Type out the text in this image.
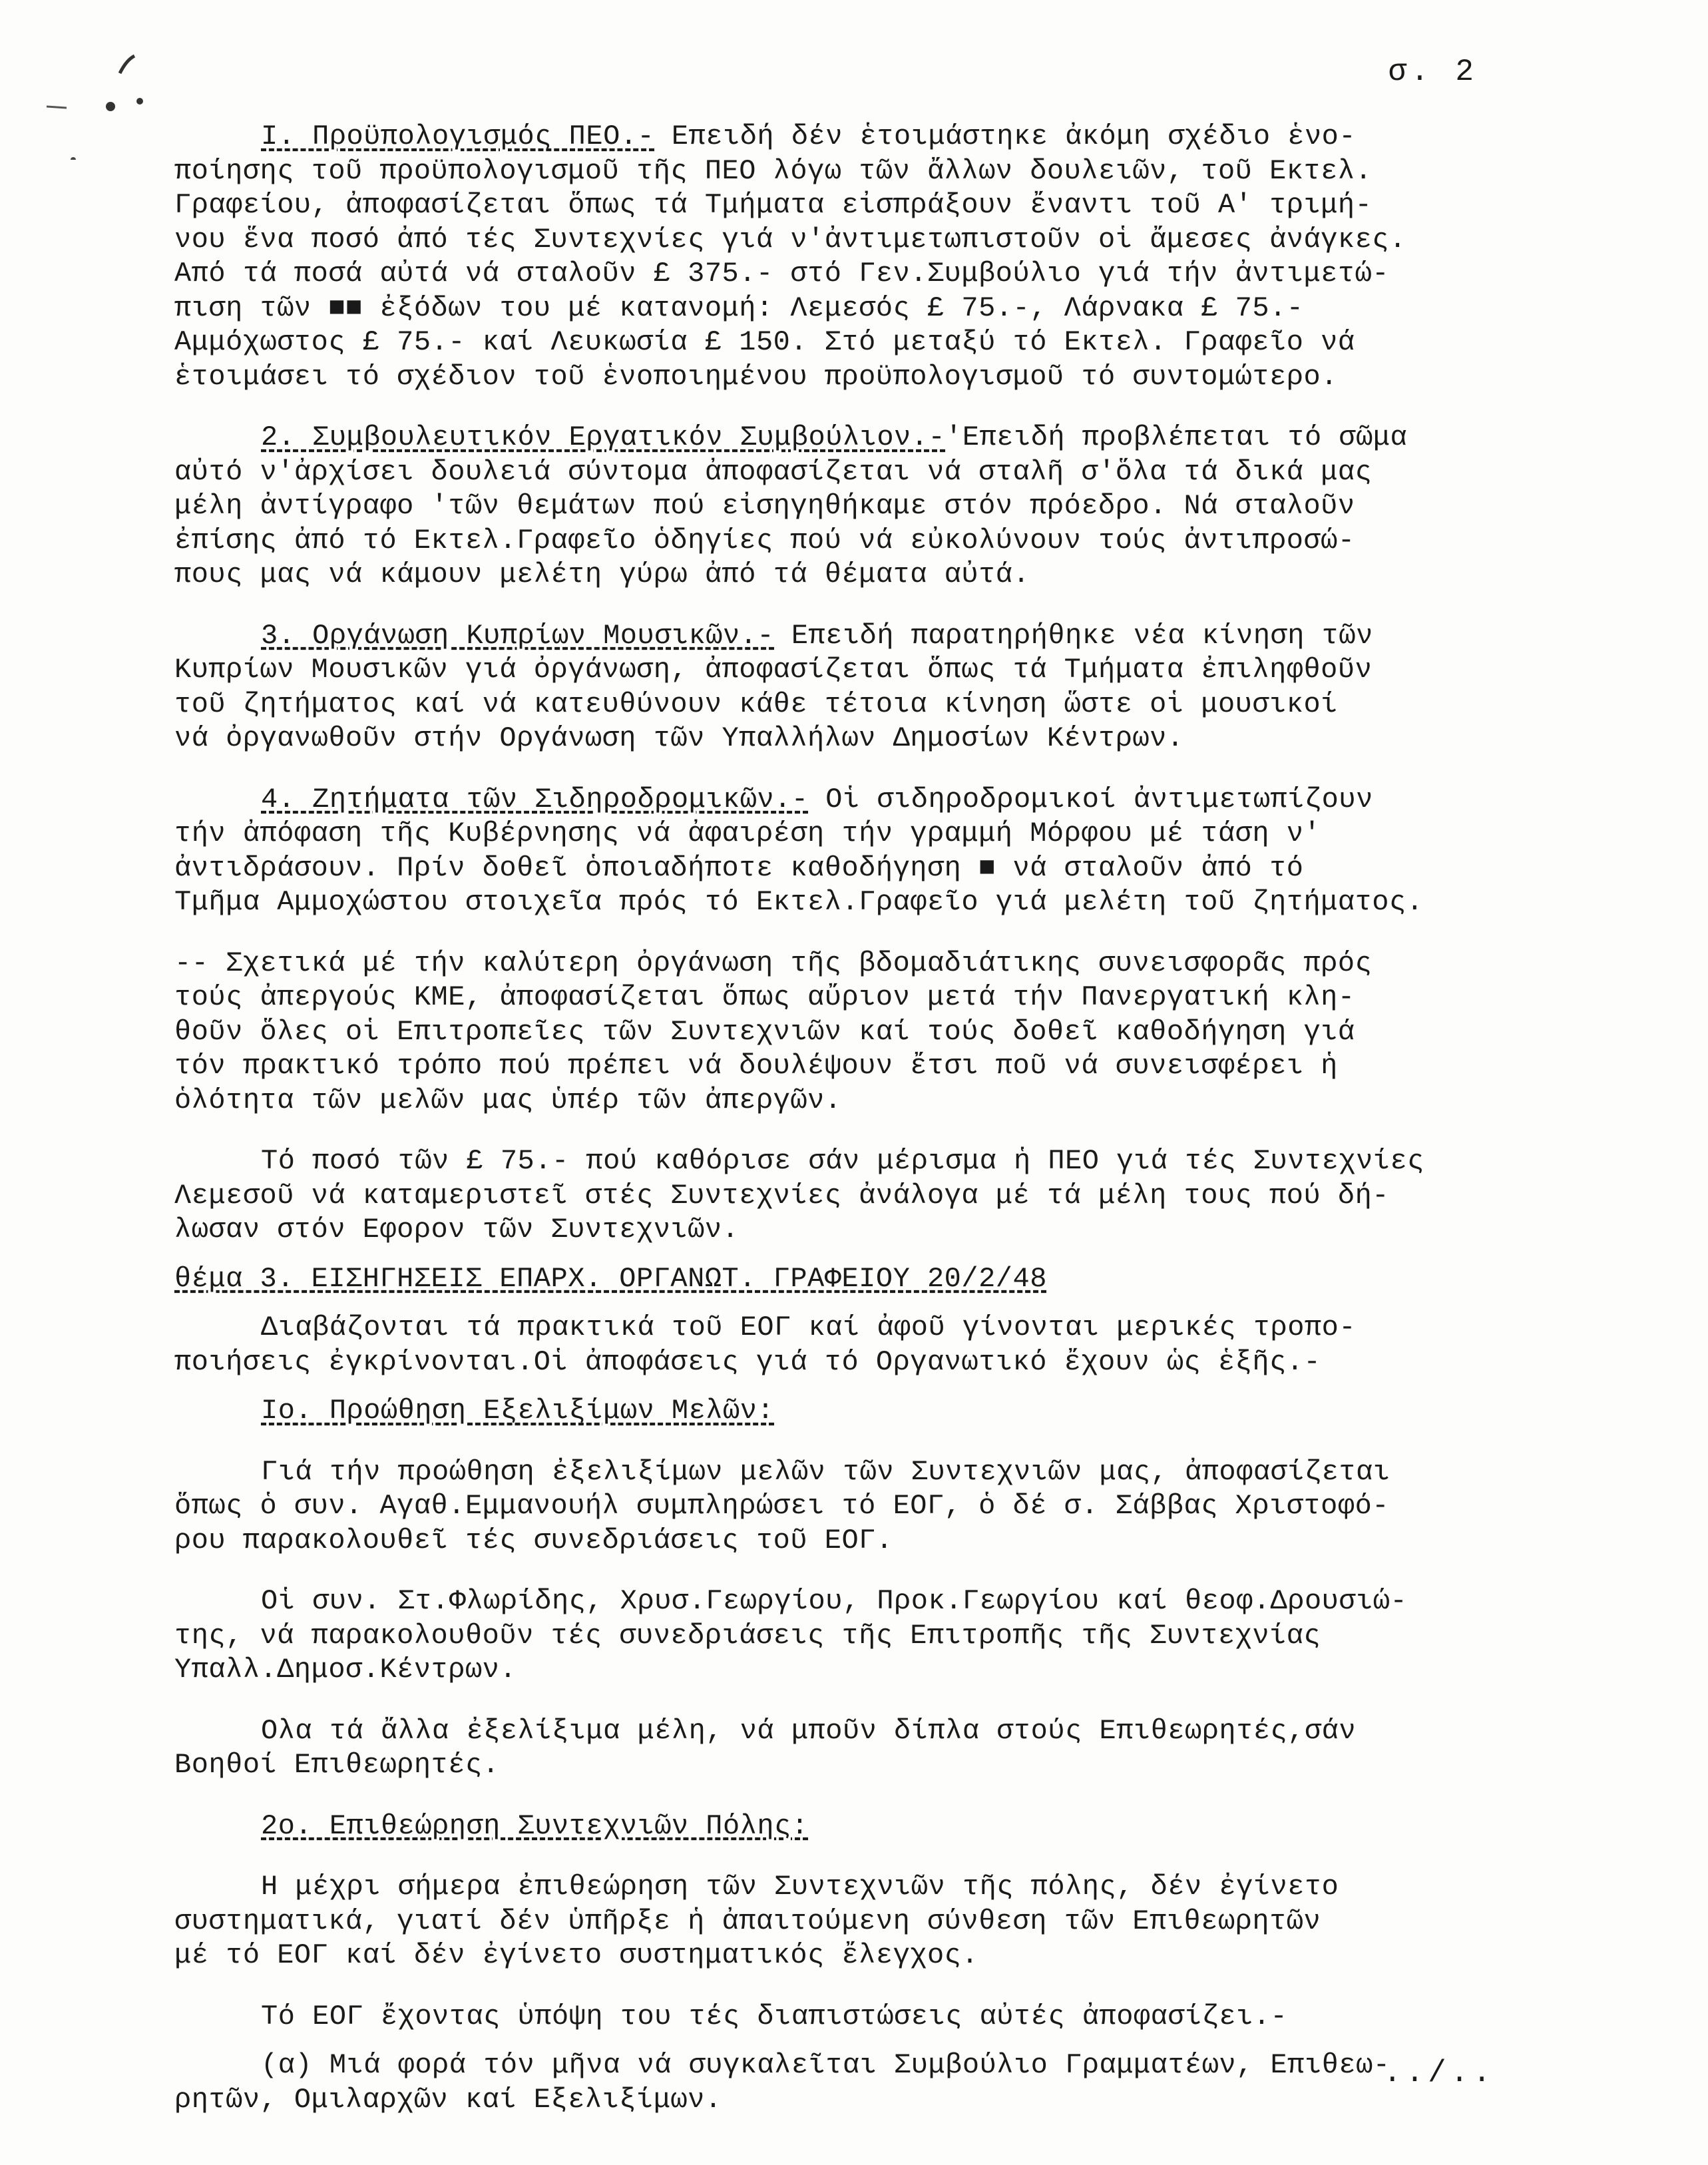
σ. 2
I. Προϋπολογισμός ΠΕΟ.- Επειδή δέν ἑτοιμάστηκε ἀκόμη σχέδιο ἑνο-
ποίησης τοῦ προϋπολογισμοῦ τῆς ΠΕΟ λόγω τῶν ἄλλων δουλειῶν, τοῦ Εκτελ.
Γραφείου, ἀποφασίζεται ὅπως τά Τμήματα εἰσπράξουν ἔναντι τοῦ Α' τριμή-
νου ἕνα ποσό ἀπό τές Συντεχνίες γιά ν'ἀντιμετωπιστοῦν οἱ ἄμεσες ἀνάγκες.
Από τά ποσά αὐτά νά σταλοῦν £ 375.- στό Γεν.Συμβούλιο γιά τήν ἀντιμετώ-
πιση τῶν ■■ ἐξόδων του μέ κατανομή: Λεμεσός £ 75.-, Λάρνακα £ 75.-
Αμμόχωστος £ 75.- καί Λευκωσία £ 150. Στό μεταξύ τό Εκτελ. Γραφεῖο νά
ἑτοιμάσει τό σχέδιον τοῦ ἑνοποιημένου προϋπολογισμοῦ τό συντομώτερο.
2. Συμβουλευτικόν Εργατικόν Συμβούλιον.-'Επειδή προβλέπεται τό σῶμα
αὐτό ν'ἀρχίσει δουλειά σύντομα ἀποφασίζεται νά σταλῆ σ'ὅλα τά δικά μας
μέλη ἀντίγραφο 'τῶν θεμάτων πού εἰσηγηθήκαμε στόν πρόεδρο. Νά σταλοῦν
ἐπίσης ἀπό τό Εκτελ.Γραφεῖο ὁδηγίες πού νά εὐκολύνουν τούς ἀντιπροσώ-
πους μας νά κάμουν μελέτη γύρω ἀπό τά θέματα αὐτά.
3. Οργάνωση Κυπρίων Μουσικῶν.- Επειδή παρατηρήθηκε νέα κίνηση τῶν
Κυπρίων Μουσικῶν γιά ὀργάνωση, ἀποφασίζεται ὅπως τά Τμήματα ἐπιληφθοῦν
τοῦ ζητήματος καί νά κατευθύνουν κάθε τέτοια κίνηση ὥστε οἱ μουσικοί
νά ὀργανωθοῦν στήν Οργάνωση τῶν Υπαλλήλων Δημοσίων Κέντρων.
4. Ζητήματα τῶν Σιδηροδρομικῶν.- Οἱ σιδηροδρομικοί ἀντιμετωπίζουν
τήν ἀπόφαση τῆς Κυβέρνησης νά ἀφαιρέση τήν γραμμή Μόρφου μέ τάση ν'
ἀντιδράσουν. Πρίν δοθεῖ ὁποιαδήποτε καθοδήγηση ■ νά σταλοῦν ἀπό τό
Τμῆμα Αμμοχώστου στοιχεῖα πρός τό Εκτελ.Γραφεῖο γιά μελέτη τοῦ ζητήματος.
-- Σχετικά μέ τήν καλύτερη ὀργάνωση τῆς βδομαδιάτικης συνεισφορᾶς πρός
τούς ἀπεργούς ΚΜΕ, ἀποφασίζεται ὅπως αὔριον μετά τήν Πανεργατική κλη-
θοῦν ὅλες οἱ Επιτροπεῖες τῶν Συντεχνιῶν καί τούς δοθεῖ καθοδήγηση γιά
τόν πρακτικό τρόπο πού πρέπει νά δουλέψουν ἔτσι ποῦ νά συνεισφέρει ἡ
ὁλότητα τῶν μελῶν μας ὑπέρ τῶν ἀπεργῶν.
Τό ποσό τῶν £ 75.- πού καθόρισε σάν μέρισμα ἡ ΠΕΟ γιά τές Συντεχνίες
Λεμεσοῦ νά καταμεριστεῖ στές Συντεχνίες ἀνάλογα μέ τά μέλη τους πού δή-
λωσαν στόν Εφορον τῶν Συντεχνιῶν.
θέμα 3. ΕΙΣΗΓΗΣΕΙΣ ΕΠΑΡΧ. ΟΡΓΑΝΩΤ. ΓΡΑΦΕΙΟΥ 20/2/48
Διαβάζονται τά πρακτικά τοῦ ΕΟΓ καί ἀφοῦ γίνονται μερικές τροπο-
ποιήσεις ἐγκρίνονται.Οἱ ἀποφάσεις γιά τό Οργανωτικό ἔχουν ὡς ἑξῆς.-
Iο. Προώθηση Εξελιξίμων Μελῶν:
Γιά τήν προώθηση ἐξελιξίμων μελῶν τῶν Συντεχνιῶν μας, ἀποφασίζεται
ὅπως ὁ συν. Αγαθ.Εμμανουήλ συμπληρώσει τό ΕΟΓ, ὁ δέ σ. Σάββας Χριστοφό-
ρου παρακολουθεῖ τές συνεδριάσεις τοῦ ΕΟΓ.
Οἱ συν. Στ.Φλωρίδης, Χρυσ.Γεωργίου, Προκ.Γεωργίου καί θεοφ.Δρουσιώ-
της, νά παρακολουθοῦν τές συνεδριάσεις τῆς Επιτροπῆς τῆς Συντεχνίας
Υπαλλ.Δημοσ.Κέντρων.
Ολα τά ἄλλα ἐξελίξιμα μέλη, νά μποῦν δίπλα στούς Επιθεωρητές,σάν
Βοηθοί Επιθεωρητές.
2ο. Επιθεώρηση Συντεχνιῶν Πόλης:
Η μέχρι σήμερα ἐπιθεώρηση τῶν Συντεχνιῶν τῆς πόλης, δέν ἐγίνετο
συστηματικά, γιατί δέν ὑπῆρξε ἡ ἀπαιτούμενη σύνθεση τῶν Επιθεωρητῶν
μέ τό ΕΟΓ καί δέν ἐγίνετο συστηματικός ἔλεγχος.
Τό ΕΟΓ ἔχοντας ὑπόψη του τές διαπιστώσεις αὐτές ἀποφασίζει.-
(α) Μιά φορά τόν μῆνα νά συγκαλεῖται Συμβούλιο Γραμματέων, Επιθεω-
ρητῶν, Ομιλαρχῶν καί Εξελιξίμων.
../..
